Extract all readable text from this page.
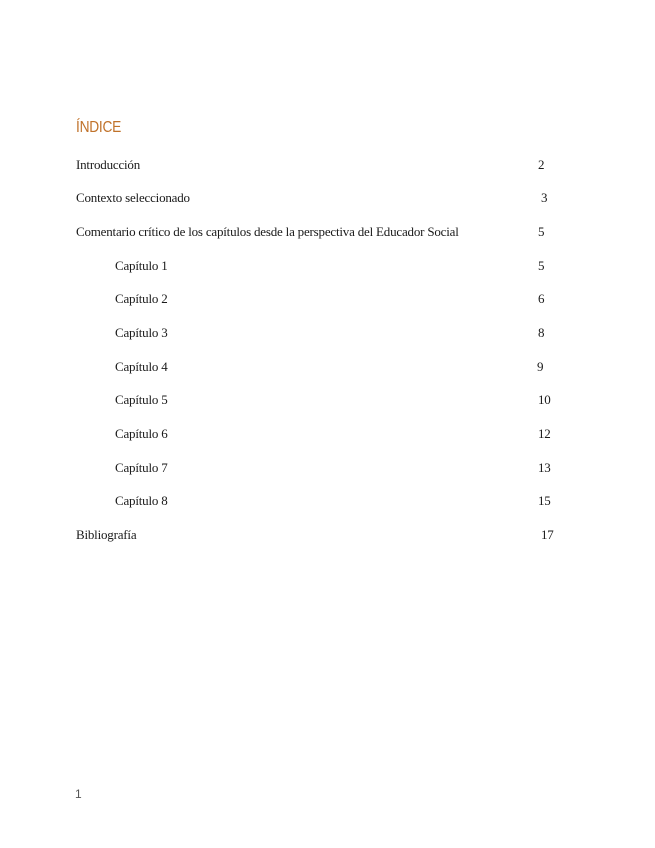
ÍNDICE
Introducción	2
Contexto seleccionado	3
Comentario crítico de los capítulos desde la perspectiva del Educador Social	5
Capítulo 1	5
Capítulo 2	6
Capítulo 3	8
Capítulo 4	9
Capítulo 5	10
Capítulo 6	12
Capítulo 7	13
Capítulo 8	15
Bibliografía	17
1
